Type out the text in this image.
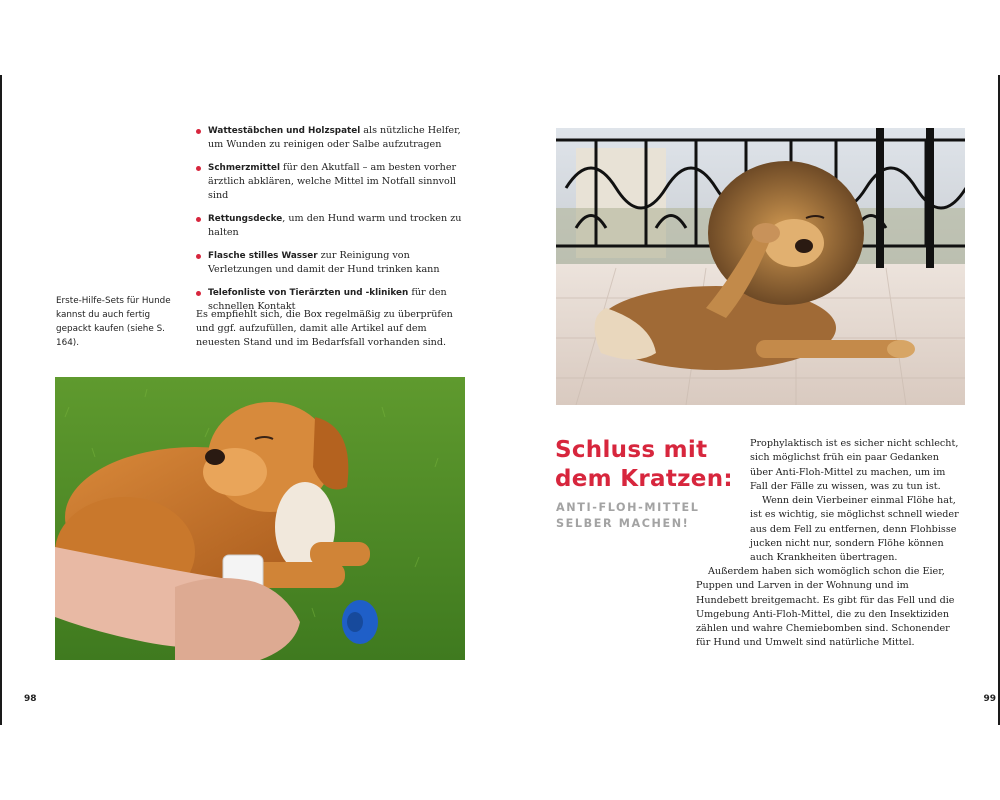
Wattestäbchen und Holzspatel als nützliche Helfer, um Wunden zu reinigen oder Salbe aufzutragen
Schmerzmittel für den Akutfall – am besten vorher ärztlich abklären, welche Mittel im Notfall sinnvoll sind
Rettungsdecke, um den Hund warm und trocken zu halten
Flasche stilles Wasser zur Reinigung von Verletzungen und damit der Hund trinken kann
Telefonliste von Tierärzten und -kliniken für den schnellen Kontakt

Erste-Hilfe-Sets für Hunde kannst du auch fertig gepackt kaufen (siehe S. 164).

Es empfiehlt sich, die Box regelmäßig zu überprüfen und ggf. aufzufüllen, damit alle Artikel auf dem neuesten Stand und im Bedarfsfall vorhanden sind.

98
Schluss mit
dem Kratzen:
ANTI-FLOH-MITTEL
SELBER MACHEN!

Prophylaktisch ist es sicher nicht schlecht, sich möglichst früh ein paar Gedanken über Anti-Floh-Mittel zu machen, um im Fall der Fälle zu wissen, was zu tun ist.

Wenn dein Vierbeiner einmal Flöhe hat, ist es wichtig, sie möglichst schnell wieder aus dem Fell zu entfernen, denn Flohbisse jucken nicht nur, sondern Flöhe können auch Krankheiten übertragen.

Außerdem haben sich womöglich schon die Eier, Puppen und Larven in der Wohnung und im Hundebett breitgemacht. Es gibt für das Fell und die Umgebung Anti-Floh-Mittel, die zu den Insektiziden zählen und wahre Chemiebomben sind. Schonender für Hund und Umwelt sind natürliche Mittel.

99
